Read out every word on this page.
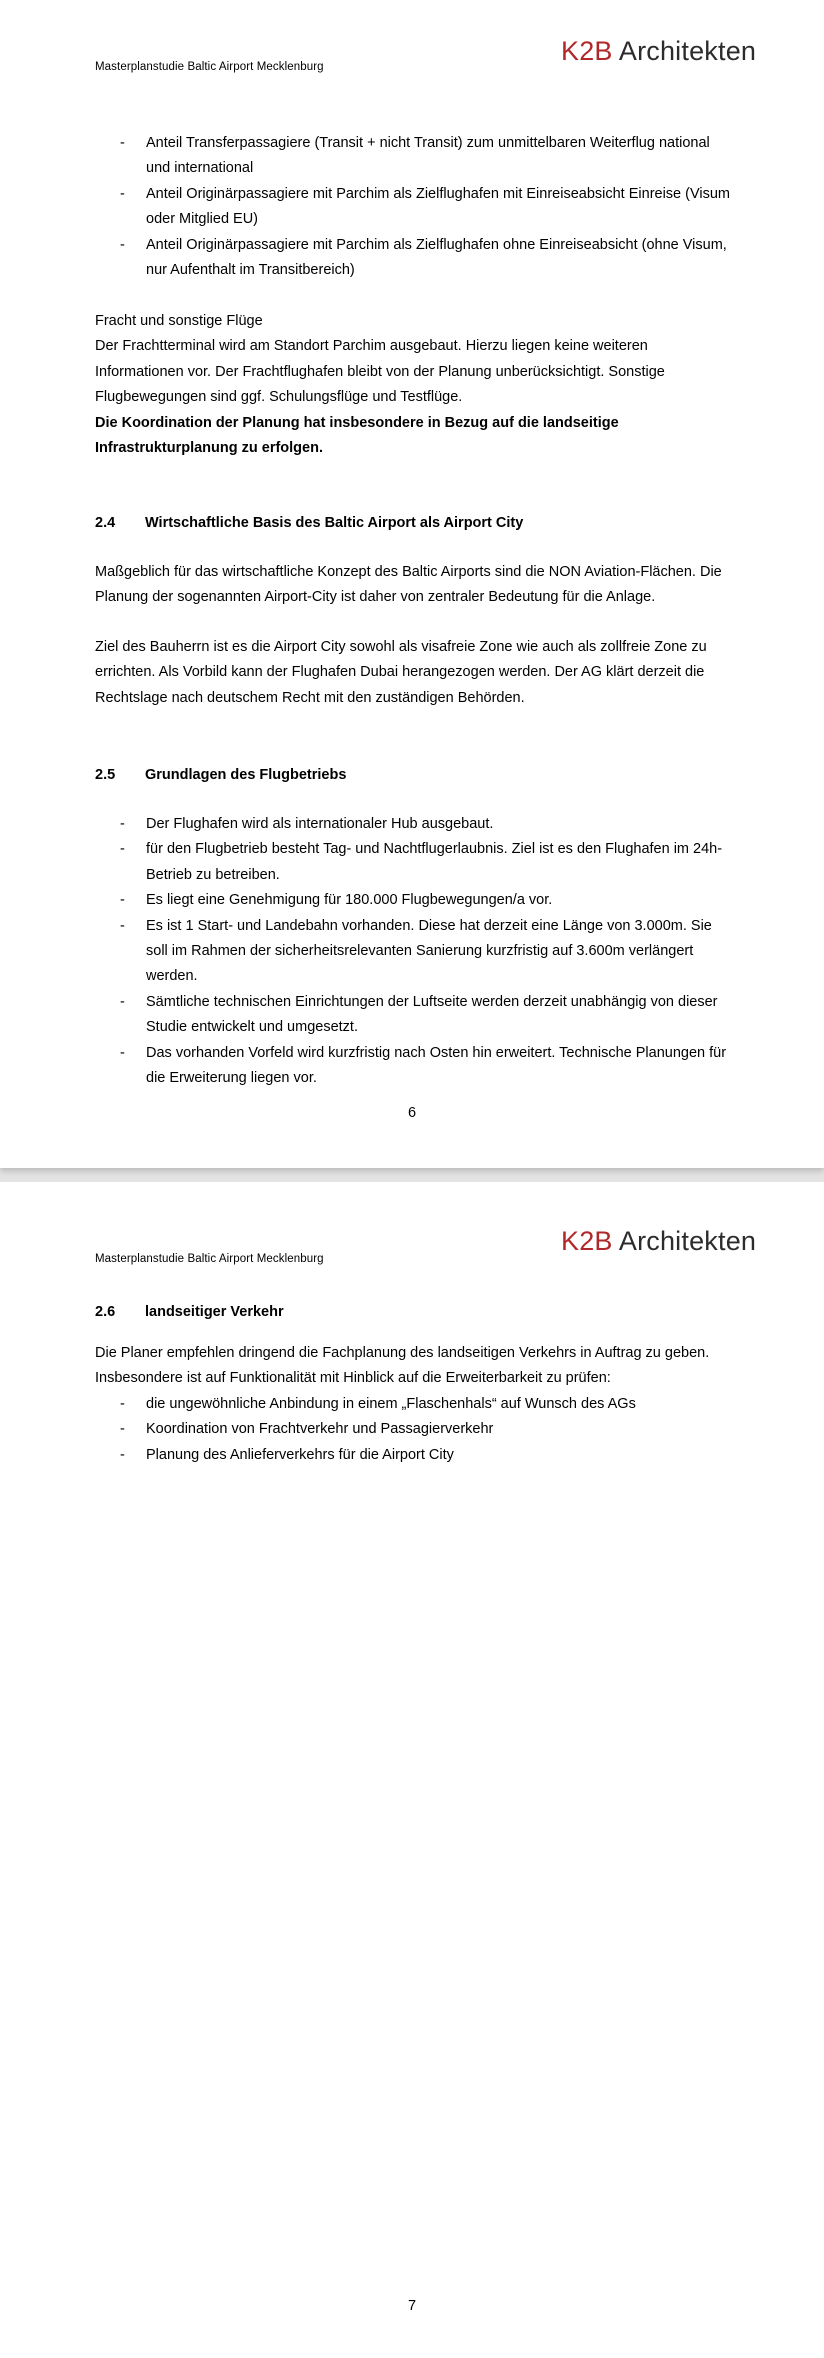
Masterplanstudie Baltic Airport Mecklenburg
K2B Architekten
- Anteil Transferpassagiere (Transit + nicht Transit) zum unmittelbaren Weiterflug national und international
- Anteil Originärpassagiere mit Parchim als Zielflughafen mit Einreiseabsicht Einreise (Visum oder Mitglied EU)
- Anteil Originärpassagiere mit Parchim als Zielflughafen ohne Einreiseabsicht (ohne Visum, nur Aufenthalt im Transitbereich)
Fracht und sonstige Flüge
Der Frachtterminal wird am Standort Parchim ausgebaut. Hierzu liegen keine weiteren Informationen vor. Der Frachtflughafen bleibt von der Planung unberücksichtigt. Sonstige Flugbewegungen sind ggf. Schulungsflüge und Testflüge.
Die Koordination der Planung hat insbesondere in Bezug auf die landseitige Infrastrukturplanung zu erfolgen.
2.4 Wirtschaftliche Basis des Baltic Airport als Airport City

Maßgeblich für das wirtschaftliche Konzept des Baltic Airports sind die NON Aviation-Flächen. Die Planung der sogenannten Airport-City ist daher von zentraler Bedeutung für die Anlage.

Ziel des Bauherrn ist es die Airport City sowohl als visafreie Zone wie auch als zollfreie Zone zu errichten. Als Vorbild kann der Flughafen Dubai herangezogen werden. Der AG klärt derzeit die Rechtslage nach deutschem Recht mit den zuständigen Behörden.

2.5 Grundlagen des Flugbetriebs
- Der Flughafen wird als internationaler Hub ausgebaut.
- für den Flugbetrieb besteht Tag- und Nachtflugerlaubnis. Ziel ist es den Flughafen im 24h-Betrieb zu betreiben.
- Es liegt eine Genehmigung für 180.000 Flugbewegungen/a vor.
- Es ist 1 Start- und Landebahn vorhanden. Diese hat derzeit eine Länge von 3.000m. Sie soll im Rahmen der sicherheitsrelevanten Sanierung kurzfristig auf 3.600m verlängert werden.
- Sämtliche technischen Einrichtungen der Luftseite werden derzeit unabhängig von dieser Studie entwickelt und umgesetzt.
- Das vorhanden Vorfeld wird kurzfristig nach Osten hin erweitert. Technische Planungen für die Erweiterung liegen vor.
6
Masterplanstudie Baltic Airport Mecklenburg
K2B Architekten
2.6 landseitiger Verkehr

Die Planer empfehlen dringend die Fachplanung des landseitigen Verkehrs in Auftrag zu geben. Insbesondere ist auf Funktionalität mit Hinblick auf die Erweiterbarkeit zu prüfen:

- die ungewöhnliche Anbindung in einem „Flaschenhals“ auf Wunsch des AGs
- Koordination von Frachtverkehr und Passagierverkehr
- Planung des Anlieferverkehrs für die Airport City
7
